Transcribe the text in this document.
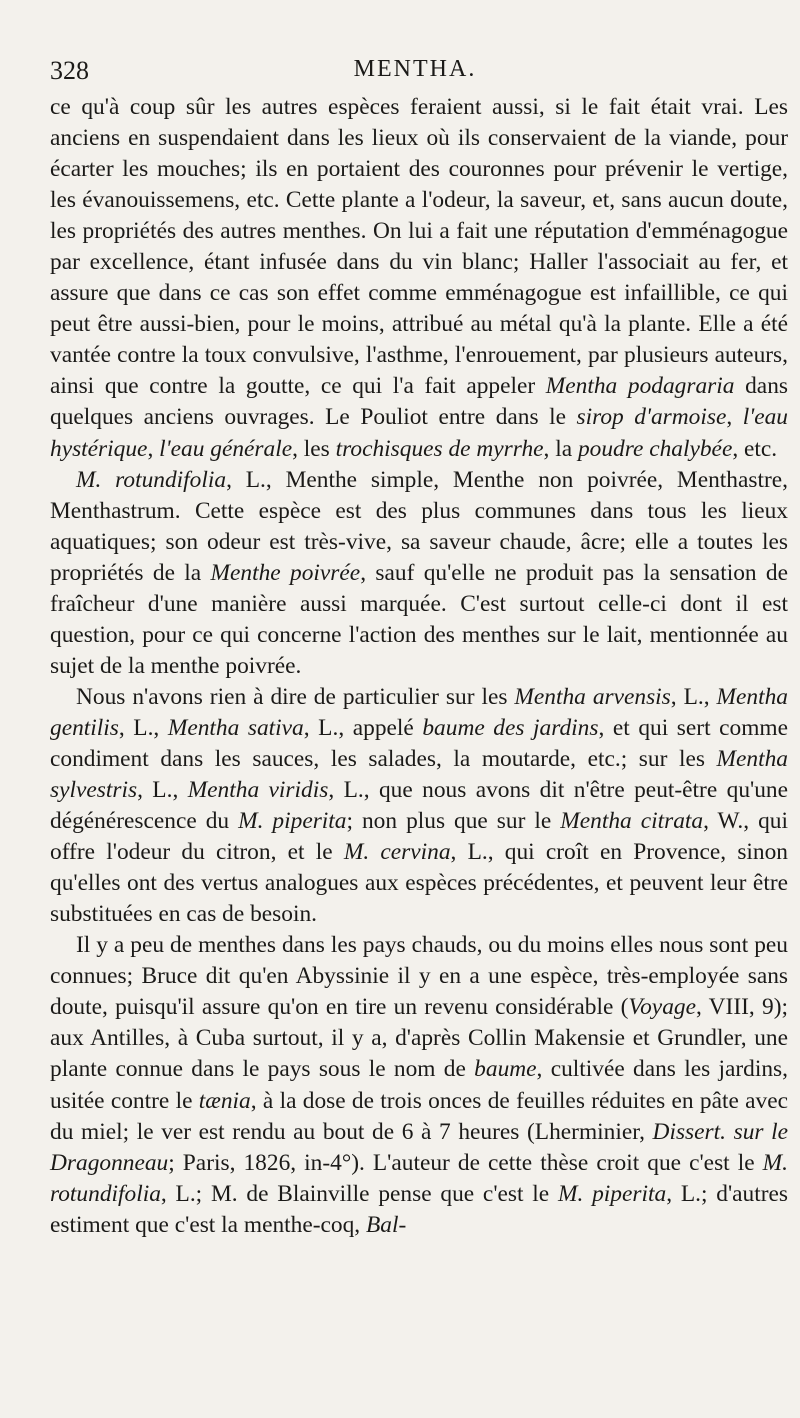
328	MENTHA.

ce qu'à coup sûr les autres espèces feraient aussi, si le fait était vrai. Les anciens en suspendaient dans les lieux où ils conservaient de la viande, pour écarter les mouches; ils en portaient des couronnes pour prévenir le vertige, les évanouissemens, etc. Cette plante a l'odeur, la saveur, et, sans aucun doute, les propriétés des autres menthes. On lui a fait une réputation d'emménagogue par excellence, étant infusée dans du vin blanc; Haller l'associait au fer, et assure que dans ce cas son effet comme emménagogue est infaillible, ce qui peut être aussi-bien, pour le moins, attribué au métal qu'à la plante. Elle a été vantée contre la toux convulsive, l'asthme, l'enrouement, par plusieurs auteurs, ainsi que contre la goutte, ce qui l'a fait appeler Mentha podagraria dans quelques anciens ouvrages. Le Pouliot entre dans le sirop d'armoise, l'eau hystérique, l'eau générale, les trochisques de myrrhe, la poudre chalybée, etc.

M. rotundifolia, L., Menthe simple, Menthe non poivrée, Menthastre, Menthastrum. Cette espèce est des plus communes dans tous les lieux aquatiques; son odeur est très-vive, sa saveur chaude, âcre; elle a toutes les propriétés de la Menthe poivrée, sauf qu'elle ne produit pas la sensation de fraîcheur d'une manière aussi marquée. C'est surtout celle-ci dont il est question, pour ce qui concerne l'action des menthes sur le lait, mentionnée au sujet de la menthe poivrée.

Nous n'avons rien à dire de particulier sur les Mentha arvensis, L., Mentha gentilis, L., Mentha sativa, L., appelé baume des jardins, et qui sert comme condiment dans les sauces, les salades, la moutarde, etc.; sur les Mentha sylvestris, L., Mentha viridis, L., que nous avons dit n'être peut-être qu'une dégénérescence du M. piperita; non plus que sur le Mentha citrata, W., qui offre l'odeur du citron, et le M. cervina, L., qui croît en Provence, sinon qu'elles ont des vertus analogues aux espèces précédentes, et peuvent leur être substituées en cas de besoin.

Il y a peu de menthes dans les pays chauds, ou du moins elles nous sont peu connues; Bruce dit qu'en Abyssinie il y en a une espèce, très-employée sans doute, puisqu'il assure qu'on en tire un revenu considérable (Voyage, VIII, 9); aux Antilles, à Cuba surtout, il y a, d'après Collin Makensie et Grundler, une plante connue dans le pays sous le nom de baume, cultivée dans les jardins, usitée contre le tænia, à la dose de trois onces de feuilles réduites en pâte avec du miel; le ver est rendu au bout de 6 à 7 heures (Lherminier, Dissert. sur le Dragonneau; Paris, 1826, in-4°). L'auteur de cette thèse croit que c'est le M. rotundifolia, L.; M. de Blainville pense que c'est le M. piperita, L.; d'autres estiment que c'est la menthe-coq, Bal-
